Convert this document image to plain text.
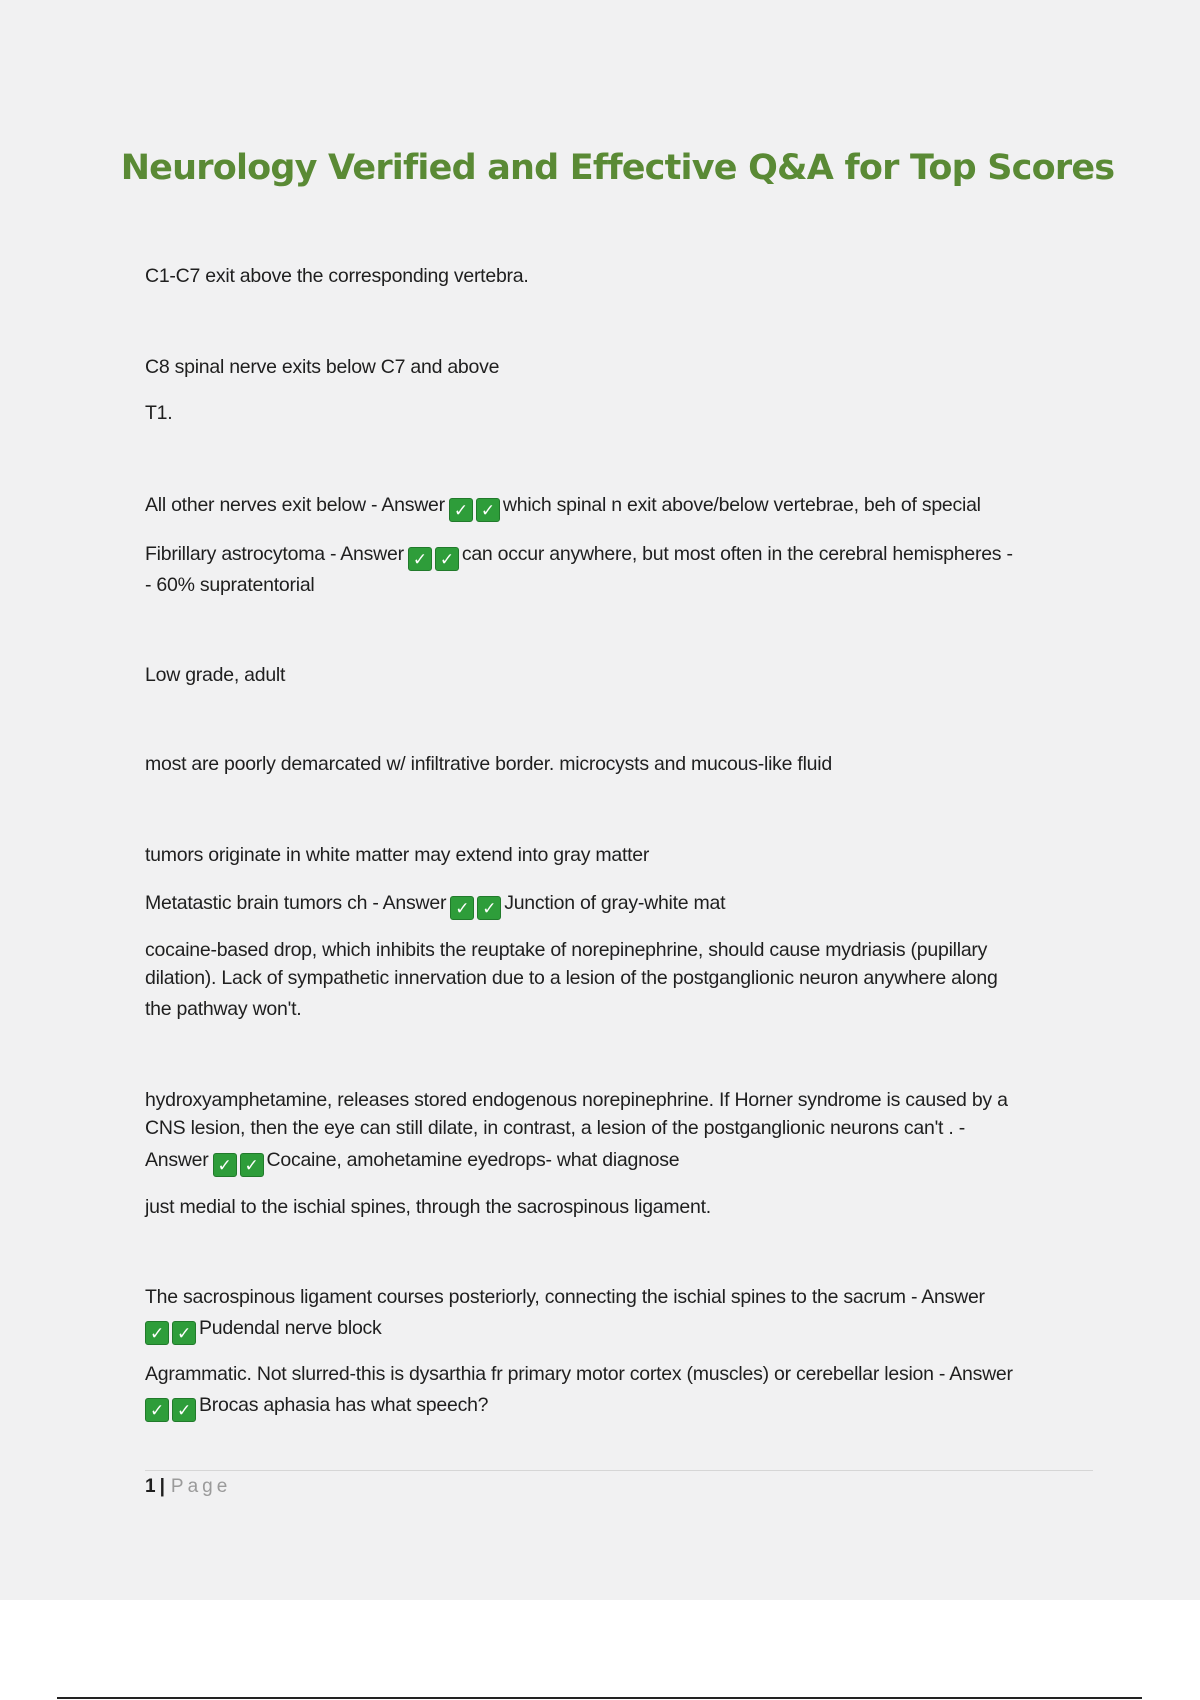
Neurology Verified and Effective Q&A for Top Scores

C1-C7 exit above the corresponding vertebra.

C8 spinal nerve exits below C7 and above

T1.

All other nerves exit below - Answer ✓ ✓ which spinal n exit above/below vertebrae, beh of special

Fibrillary astrocytoma - Answer ✓ ✓ can occur anywhere, but most often in the cerebral hemispheres -

- 60% supratentorial

Low grade, adult

most are poorly demarcated w/ infiltrative border. microcysts and mucous-like fluid

tumors originate in white matter may extend into gray matter

Metatastic brain tumors ch - Answer ✓ ✓ Junction of gray-white mat

cocaine-based drop, which inhibits the reuptake of norepinephrine, should cause mydriasis (pupillary

dilation). Lack of sympathetic innervation due to a lesion of the postganglionic neuron anywhere along

the pathway won't.

hydroxyamphetamine, releases stored endogenous norepinephrine. If Horner syndrome is caused by a

CNS lesion, then the eye can still dilate, in contrast, a lesion of the postganglionic neurons can't . -

Answer ✓ ✓ Cocaine, amohetamine eyedrops- what diagnose

just medial to the ischial spines, through the sacrospinous ligament.

The sacrospinous ligament courses posteriorly, connecting the ischial spines to the sacrum - Answer

✓ ✓ Pudendal nerve block

Agrammatic. Not slurred-this is dysarthia fr primary motor cortex (muscles) or cerebellar lesion - Answer

✓ ✓ Brocas aphasia has what speech?

1 | Page
